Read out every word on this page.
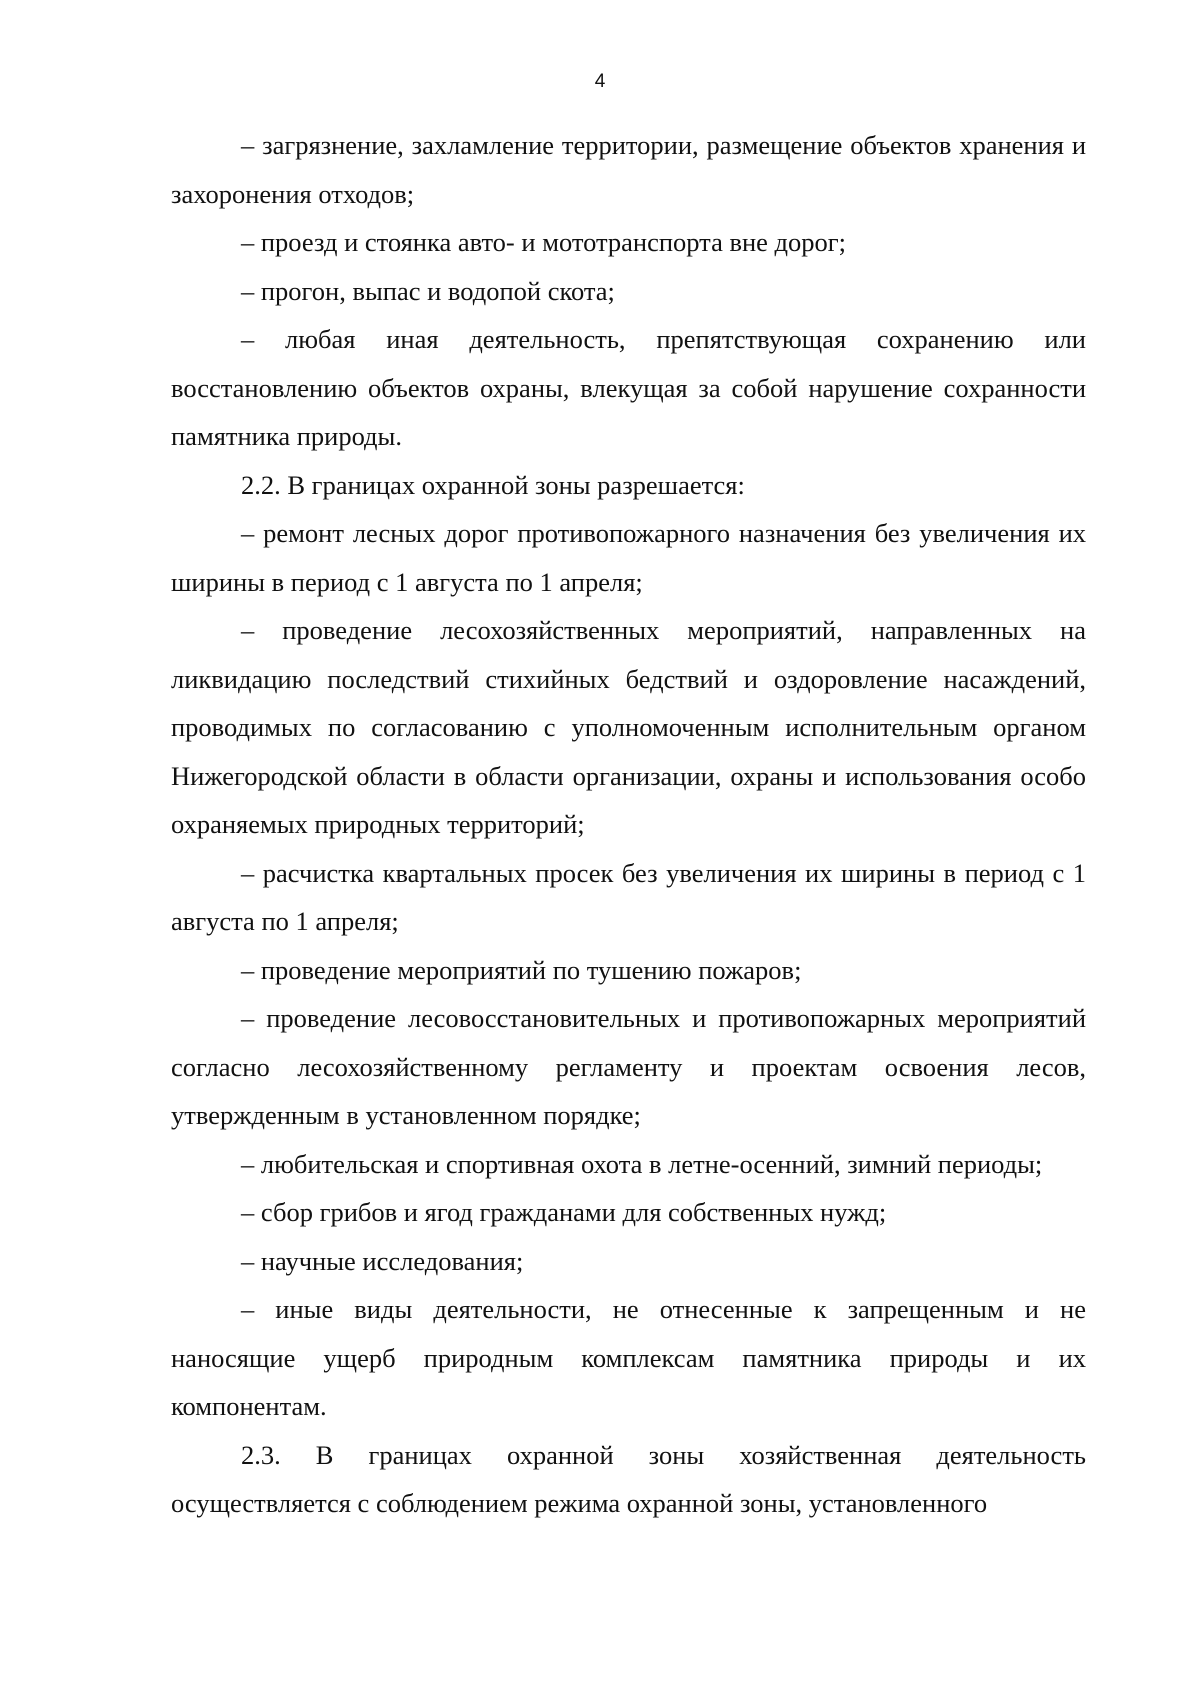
4

– загрязнение, захламление территории, размещение объектов хранения и захоронения отходов;

– проезд и стоянка авто- и мототранспорта вне дорог;

– прогон, выпас и водопой скота;

– любая иная деятельность, препятствующая сохранению или восстановлению объектов охраны, влекущая за собой нарушение сохранности памятника природы.

2.2. В границах охранной зоны разрешается:

– ремонт лесных дорог противопожарного назначения без увеличения их ширины в период с 1 августа по 1 апреля;

– проведение лесохозяйственных мероприятий, направленных на ликвидацию последствий стихийных бедствий и оздоровление насаждений, проводимых по согласованию с уполномоченным исполнительным органом Нижегородской области в области организации, охраны и использования особо охраняемых природных территорий;

– расчистка квартальных просек без увеличения их ширины в период с 1 августа по 1 апреля;

– проведение мероприятий по тушению пожаров;

– проведение лесовосстановительных и противопожарных мероприятий согласно лесохозяйственному регламенту и проектам освоения лесов, утвержденным в установленном порядке;

– любительская и спортивная охота в летне-осенний, зимний периоды;

– сбор грибов и ягод гражданами для собственных нужд;

– научные исследования;

– иные виды деятельности, не отнесенные к запрещенным и не наносящие ущерб природным комплексам памятника природы и их компонентам.

2.3. В границах охранной зоны хозяйственная деятельность осуществляется с соблюдением режима охранной зоны, установленного
